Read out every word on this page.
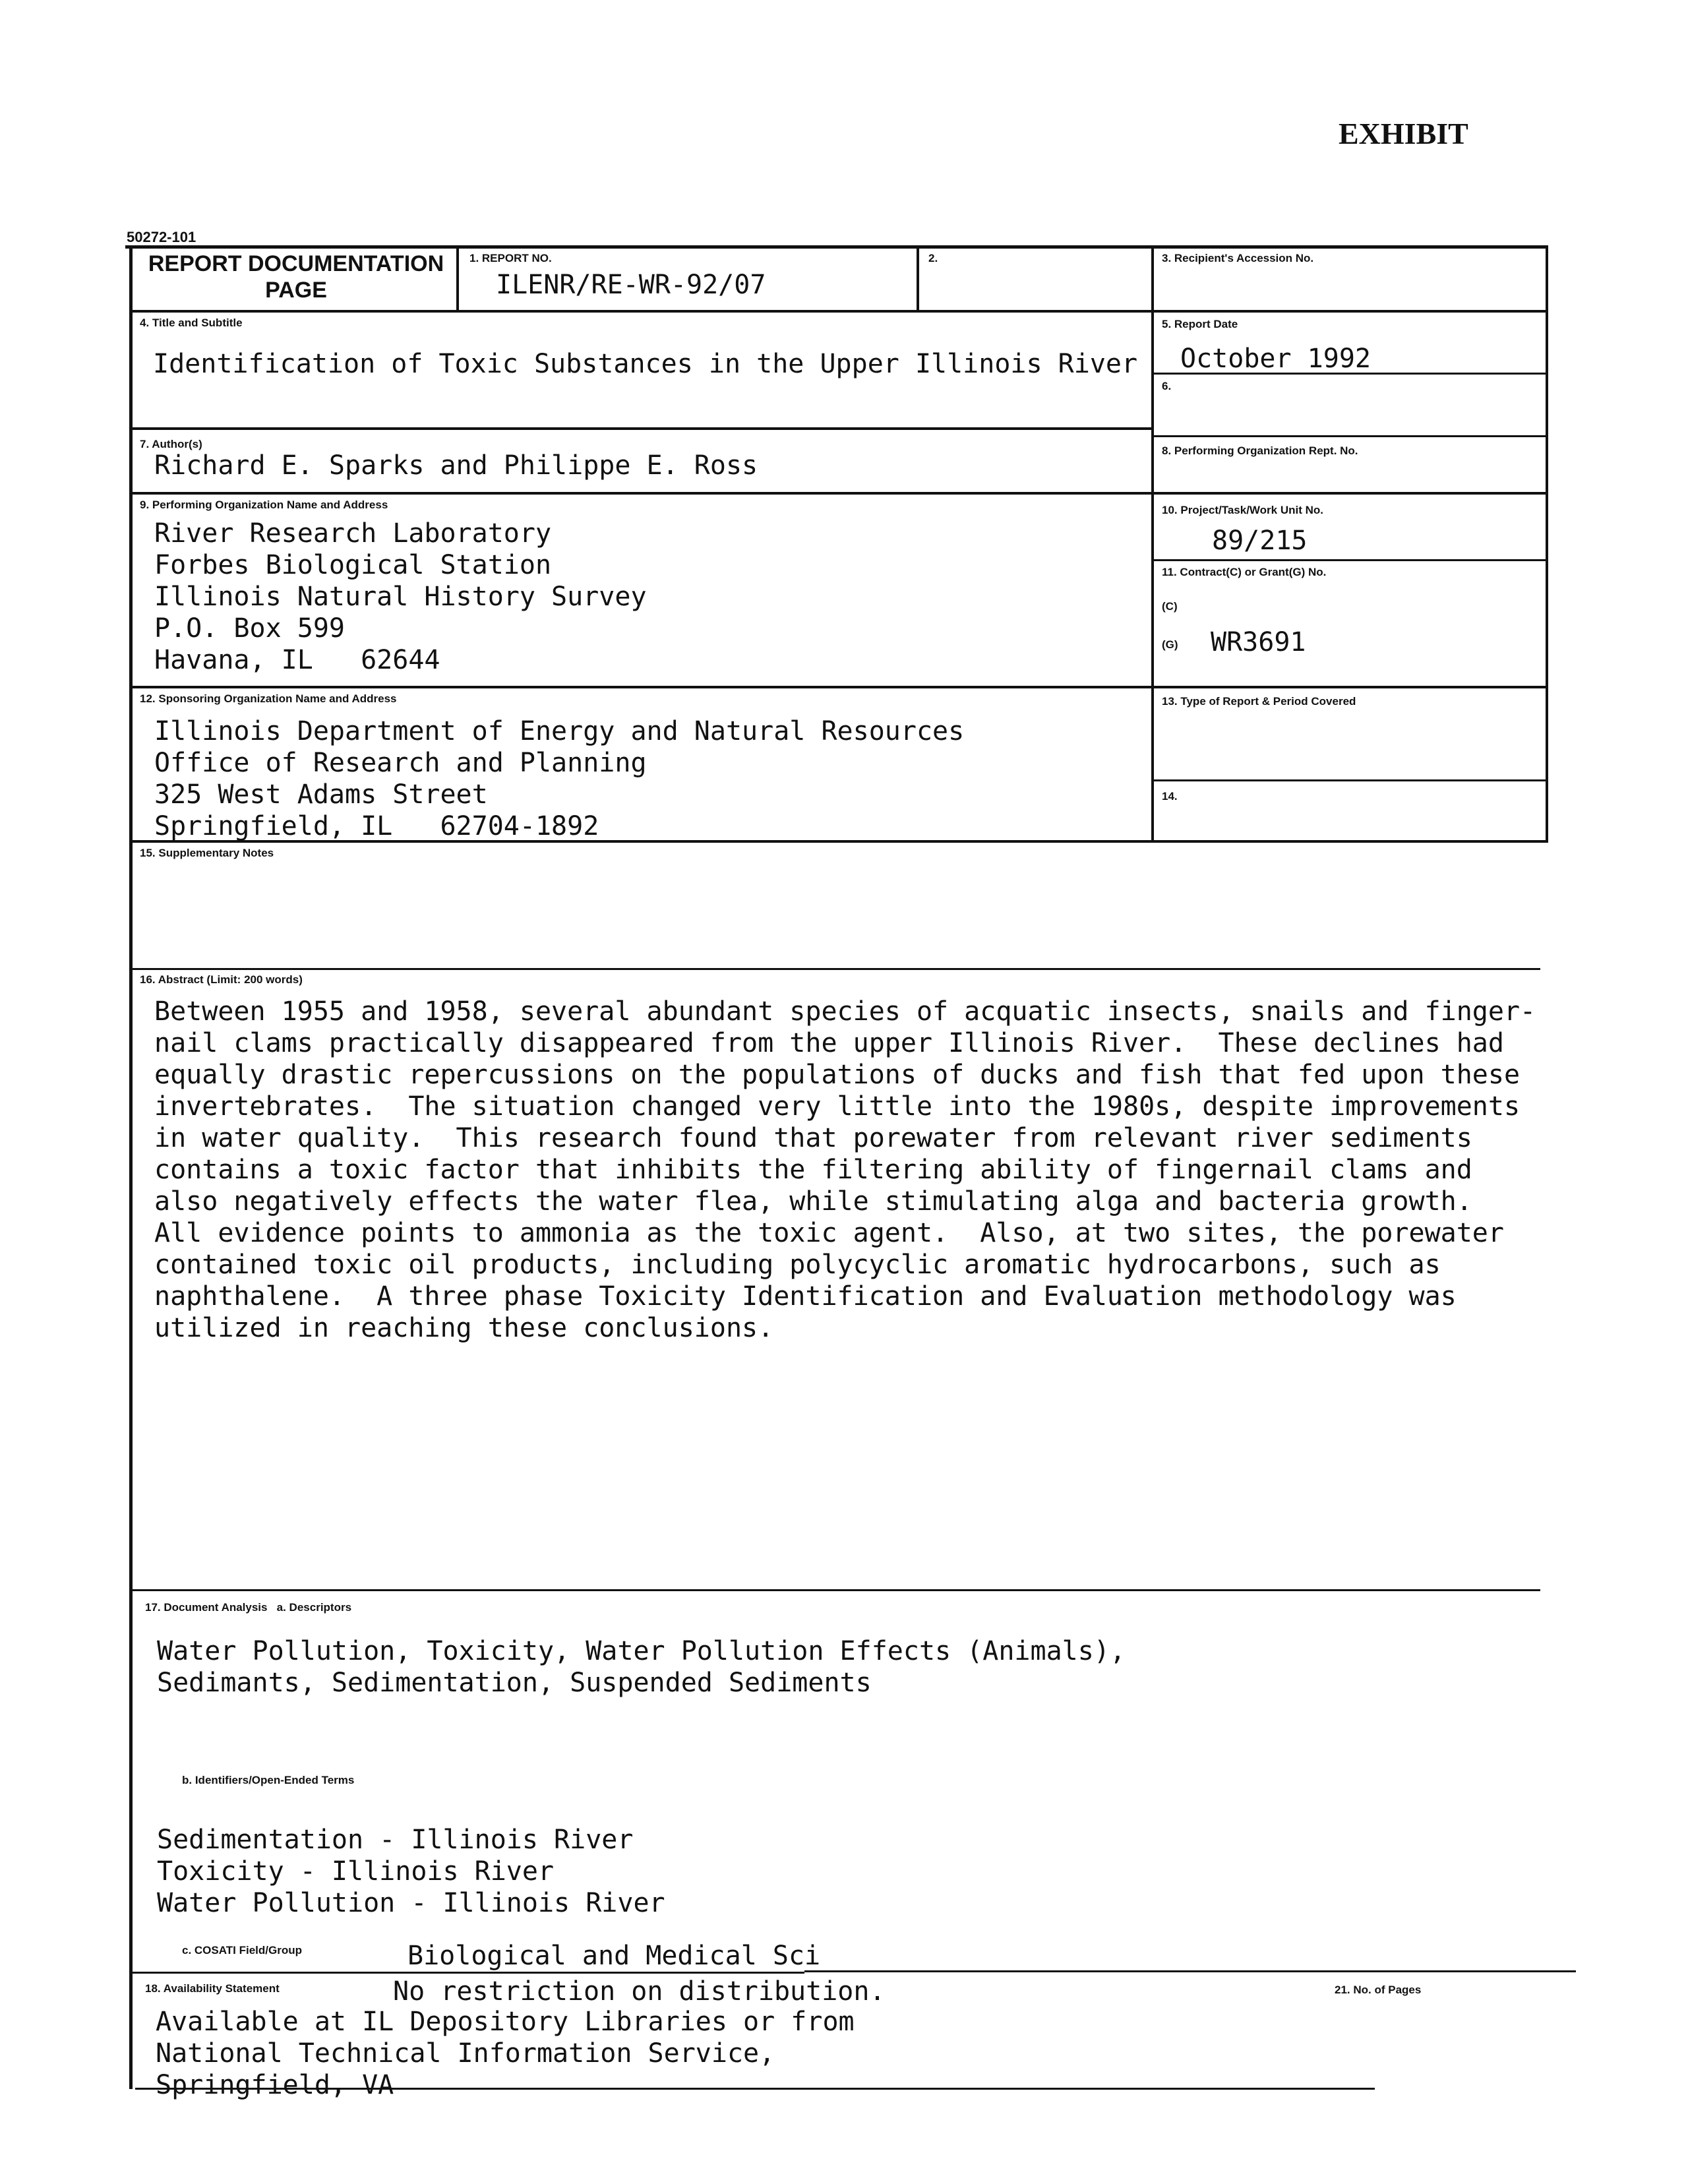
EXHIBIT
50272-101
REPORT DOCUMENTATION
PAGE
1. REPORT NO.
ILENR/RE-WR-92/07
2.	3. Recipient's Accession No.
4. Title and Subtitle
Identification of Toxic Substances in the Upper Illinois River
5. Report Date
October 1992
6.
7. Author(s)
Richard E. Sparks and Philippe E. Ross	8. Performing Organization Rept. No.
9. Performing Organization Name and Address
River Research Laboratory
Forbes Biological Station
Illinois Natural History Survey
P.O. Box 599
Havana, IL   62644
10. Project/Task/Work Unit No.
89/215
11. Contract(C) or Grant(G) No.
(C)
(G) WR3691
12. Sponsoring Organization Name and Address
Illinois Department of Energy and Natural Resources
Office of Research and Planning
325 West Adams Street
Springfield, IL   62704-1892
13. Type of Report & Period Covered
14.
15. Supplementary Notes
16. Abstract (Limit: 200 words)
Between 1955 and 1958, several abundant species of acquatic insects, snails and finger-
nail clams practically disappeared from the upper Illinois River.  These declines had
equally drastic repercussions on the populations of ducks and fish that fed upon these
invertebrates.  The situation changed very little into the 1980s, despite improvements
in water quality.  This research found that porewater from relevant river sediments
contains a toxic factor that inhibits the filtering ability of fingernail clams and
also negatively effects the water flea, while stimulating alga and bacteria growth.
All evidence points to ammonia as the toxic agent.  Also, at two sites, the porewater
contained toxic oil products, including polycyclic aromatic hydrocarbons, such as
naphthalene.  A three phase Toxicity Identification and Evaluation methodology was
utilized in reaching these conclusions.
17. Document Analysis   a. Descriptors
Water Pollution, Toxicity, Water Pollution Effects (Animals),
Sedimants, Sedimentation, Suspended Sediments
b. Identifiers/Open-Ended Terms
Sedimentation - Illinois River
Toxicity - Illinois River
Water Pollution - Illinois River
c. COSATI Field/Group	Biological and Medical Sci
18. Availability Statement	No restriction on distribution.
Available at IL Depository Libraries or from
National Technical Information Service,
Springfield, VA
21. No. of Pages
